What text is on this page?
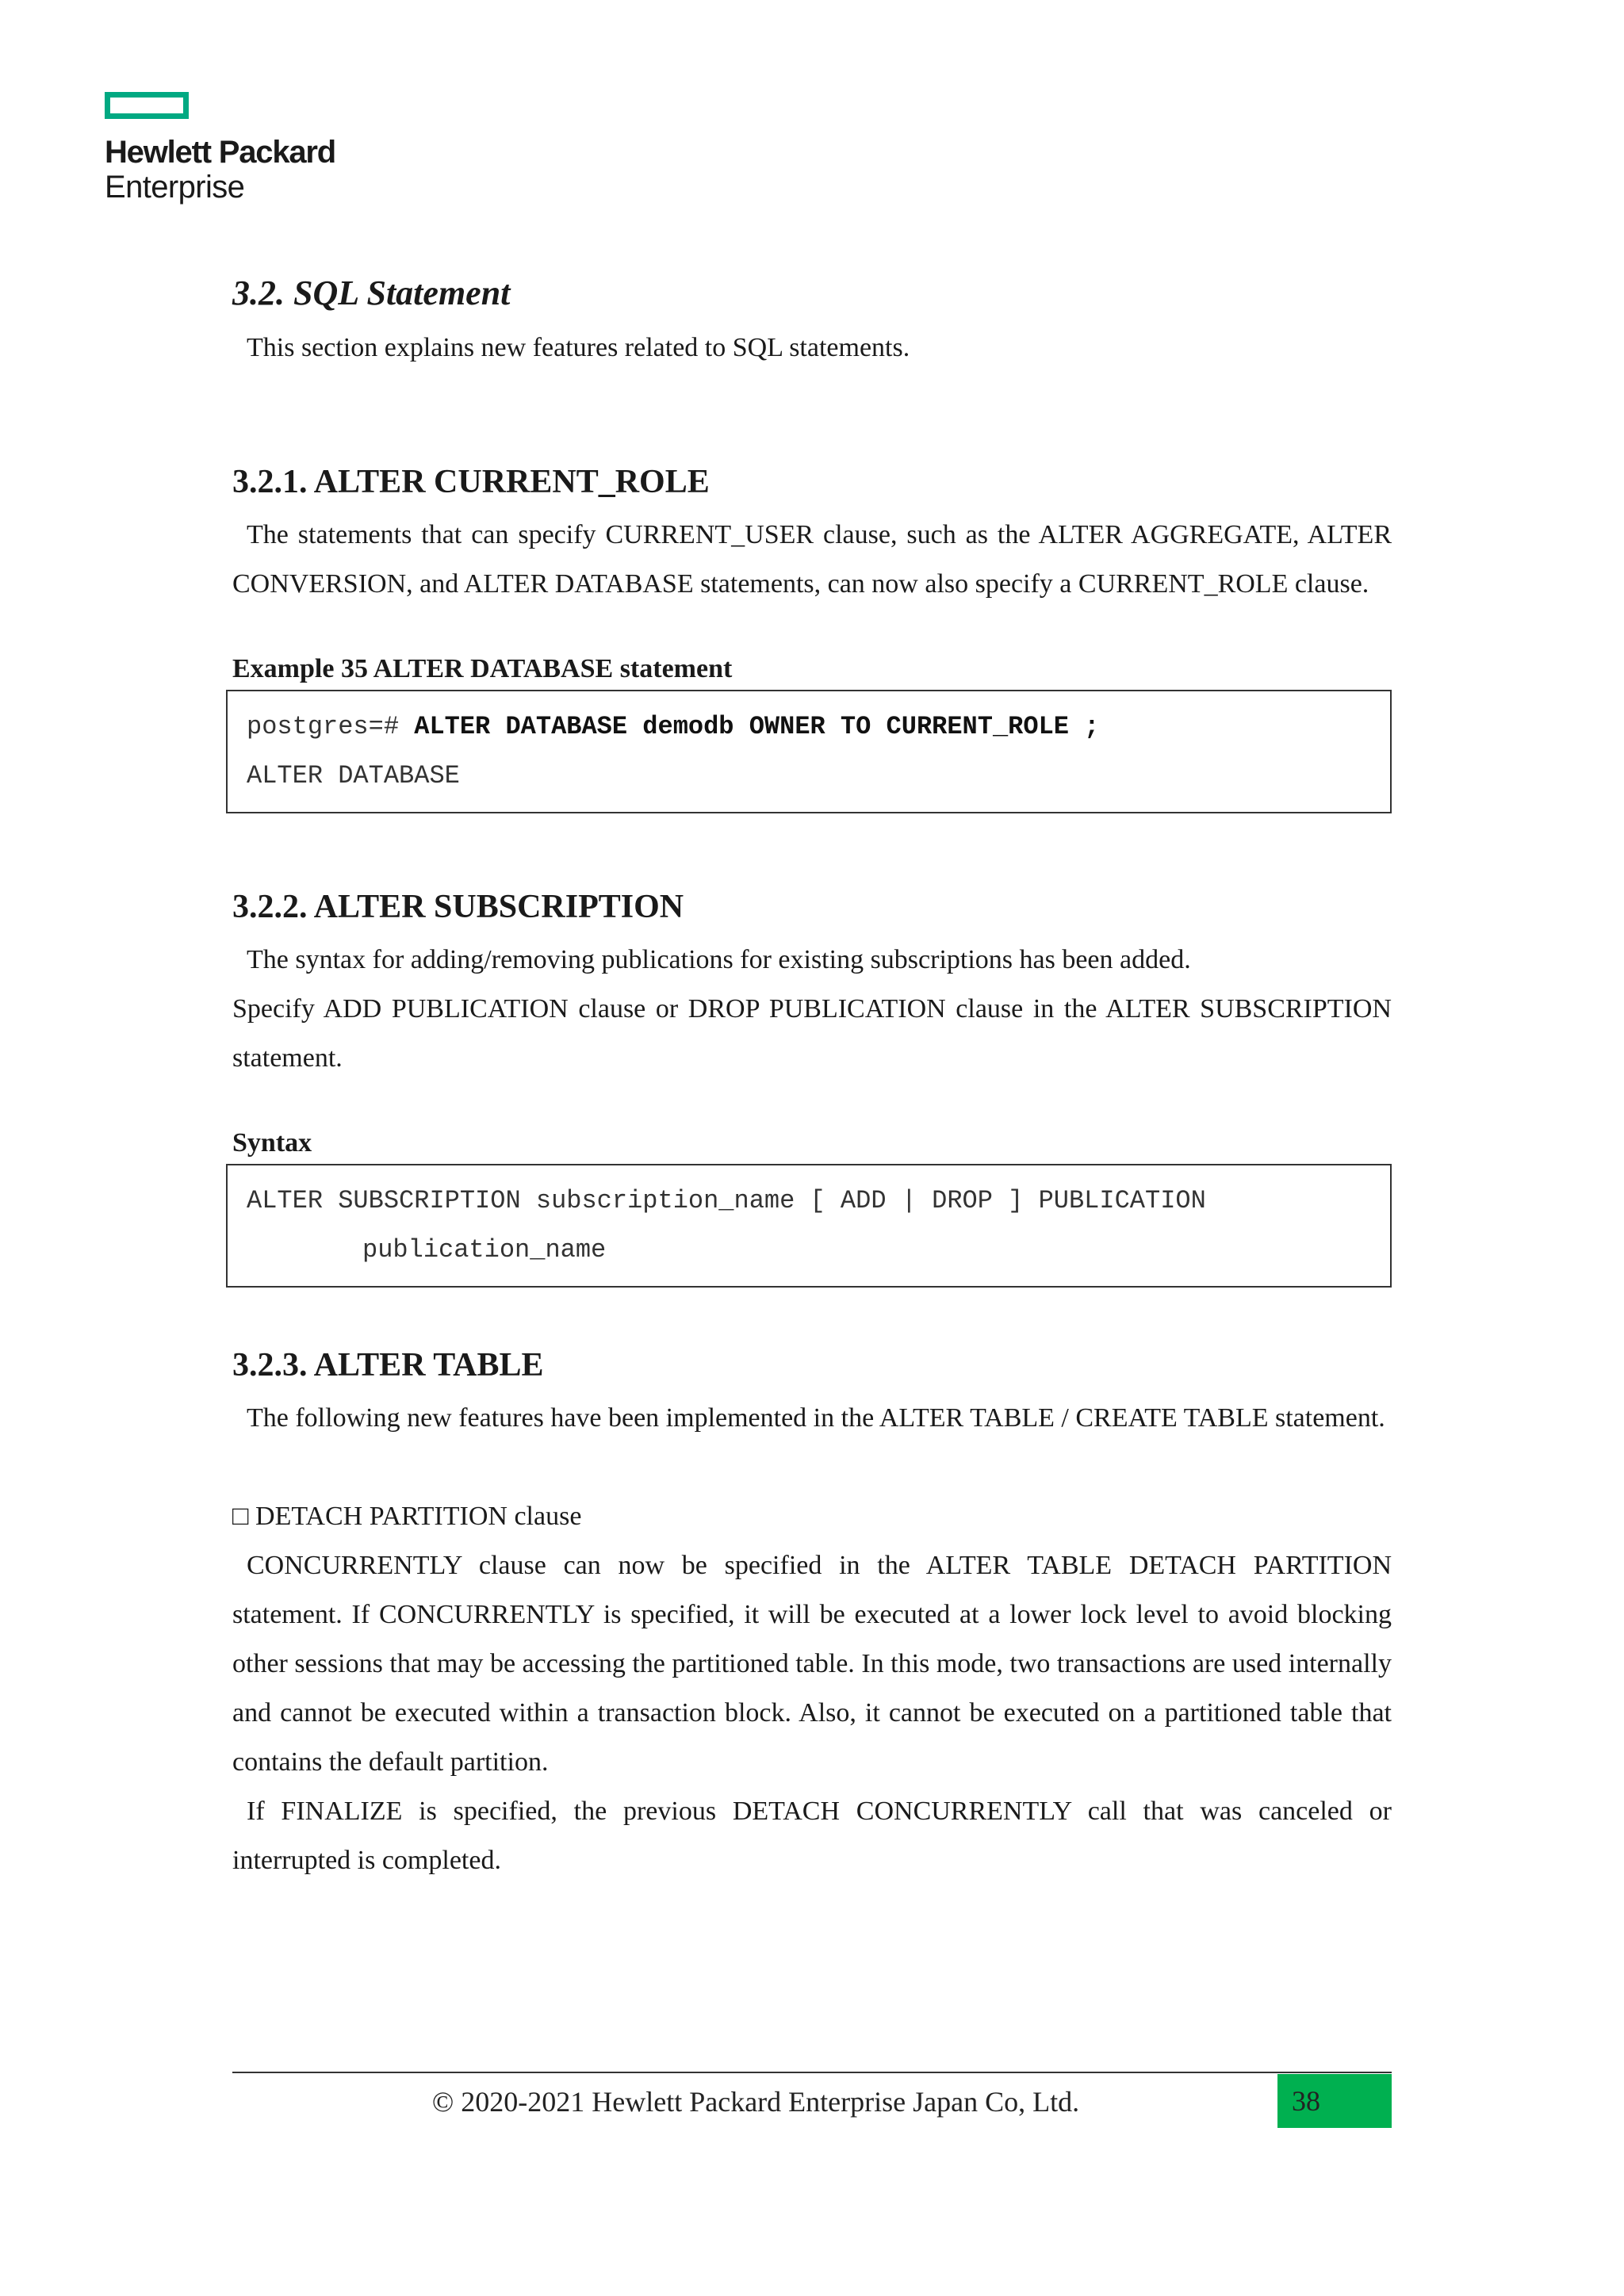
Hewlett Packard
Enterprise
3.2. SQL Statement

This section explains new features related to SQL statements.

3.2.1. ALTER CURRENT_ROLE

The statements that can specify CURRENT_USER clause, such as the ALTER AGGREGATE, ALTER CONVERSION, and ALTER DATABASE statements, can now also specify a CURRENT_ROLE clause.

Example 35 ALTER DATABASE statement
postgres=# ALTER DATABASE demodb OWNER TO CURRENT_ROLE ;
ALTER DATABASE
3.2.2. ALTER SUBSCRIPTION

The syntax for adding/removing publications for existing subscriptions has been added.

Specify ADD PUBLICATION clause or DROP PUBLICATION clause in the ALTER SUBSCRIPTION statement.

Syntax
ALTER SUBSCRIPTION subscription_name [ ADD | DROP ] PUBLICATION
publication_name
3.2.3. ALTER TABLE

The following new features have been implemented in the ALTER TABLE / CREATE TABLE statement.

□ DETACH PARTITION clause

CONCURRENTLY clause can now be specified in the ALTER TABLE DETACH PARTITION statement. If CONCURRENTLY is specified, it will be executed at a lower lock level to avoid blocking other sessions that may be accessing the partitioned table. In this mode, two transactions are used internally and cannot be executed within a transaction block. Also, it cannot be executed on a partitioned table that contains the default partition.

If FINALIZE is specified, the previous DETACH CONCURRENTLY call that was canceled or interrupted is completed.

© 2020-2021 Hewlett Packard Enterprise Japan Co, Ltd.	38
